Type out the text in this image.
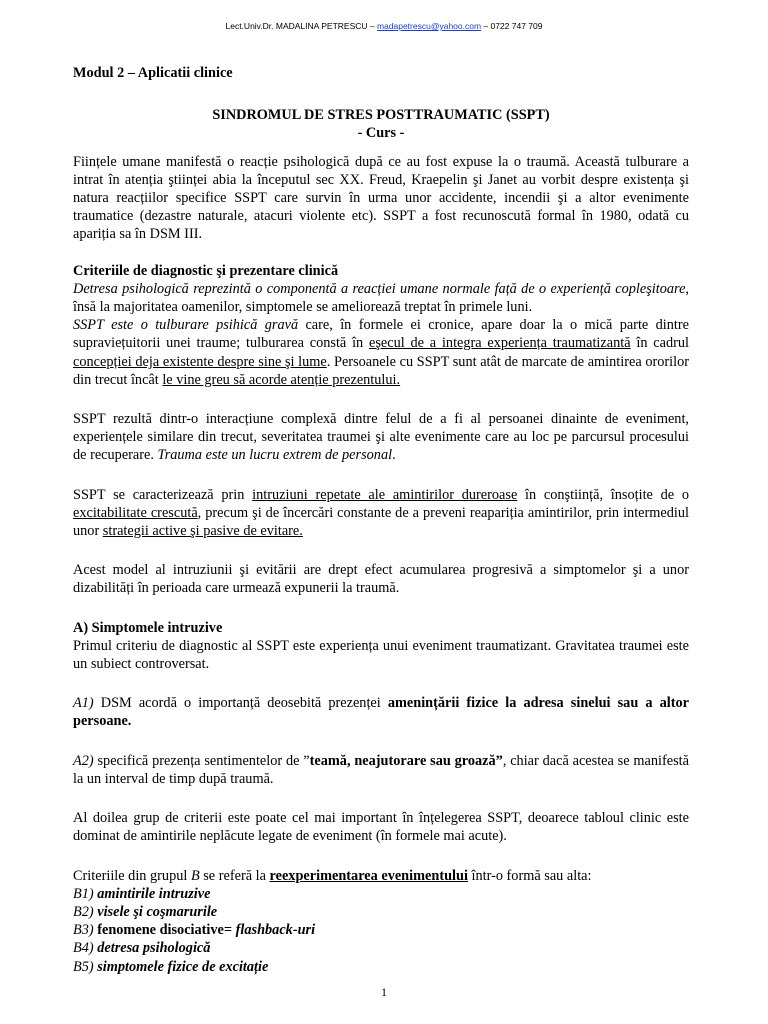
Lect.Univ.Dr. MADALINA PETRESCU – madapetrescu@yahoo.com – 0722 747 709

Modul 2 – Aplicatii clinice

SINDROMUL DE STRES POSTTRAUMATIC (SSPT)

- Curs -

Ființele umane manifestă o reacție psihologică după ce au fost expuse la o traumă. Această tulburare a intrat în atenția ştiinței abia la începutul sec XX. Freud, Kraepelin şi Janet au vorbit despre existența şi natura reacțiilor specifice SSPT care survin în urma unor accidente, incendii şi a altor evenimente traumatice (dezastre naturale, atacuri violente etc). SSPT a fost recunoscută formal în 1980, odată cu apariția sa în DSM III.

Criteriile de diagnostic şi prezentare clinică

Detresa psihologică reprezintă o componentă a reacției umane normale față de o experiență copleşitoare, însă la majoritatea oamenilor, simptomele se ameliorează treptat în primele luni.

SSPT este o tulburare psihică gravă care, în formele ei cronice, apare doar la o mică parte dintre supraviețuitorii unei traume; tulburarea constă în eşecul de a integra experiența traumatizantă în cadrul concepției deja existente despre sine şi lume. Persoanele cu SSPT sunt atât de marcate de amintirea ororilor din trecut încât le vine greu să acorde atenție prezentului.

SSPT rezultă dintr-o interacțiune complexă dintre felul de a fi al persoanei dinainte de eveniment, experiențele similare din trecut, severitatea traumei şi alte evenimente care au loc pe parcursul procesului de recuperare. Trauma este un lucru extrem de personal.

SSPT se caracterizează prin intruziuni repetate ale amintirilor dureroase în conştiință, însoțite de o excitabilitate crescută, precum şi de încercări constante de a preveni reapariția amintirilor, prin intermediul unor strategii active şi pasive de evitare.

Acest model al intruziunii şi evitării are drept efect acumularea progresivă a simptomelor şi a unor dizabilități în perioada care urmează expunerii la traumă.

A) Simptomele intruzive

Primul criteriu de diagnostic al SSPT este experiența unui eveniment traumatizant. Gravitatea traumei este un subiect controversat.

A1) DSM acordă o importanță deosebită prezenței amenințării fizice la adresa sinelui sau a altor persoane.

A2) specifică prezența sentimentelor de ”teamă, neajutorare sau groază”, chiar dacă acestea se manifestă la un interval de timp după traumă.

Al doilea grup de criterii este poate cel mai important în înțelegerea SSPT, deoarece tabloul clinic este dominat de amintirile neplăcute legate de eveniment (în formele mai acute).

Criteriile din grupul B se referă la reexperimentarea evenimentului într-o formă sau alta:

B1) amintirile intruzive

B2) visele şi coşmarurile

B3) fenomene disociative= flashback-uri

B4) detresa psihologică

B5) simptomele fizice de excitație

1
